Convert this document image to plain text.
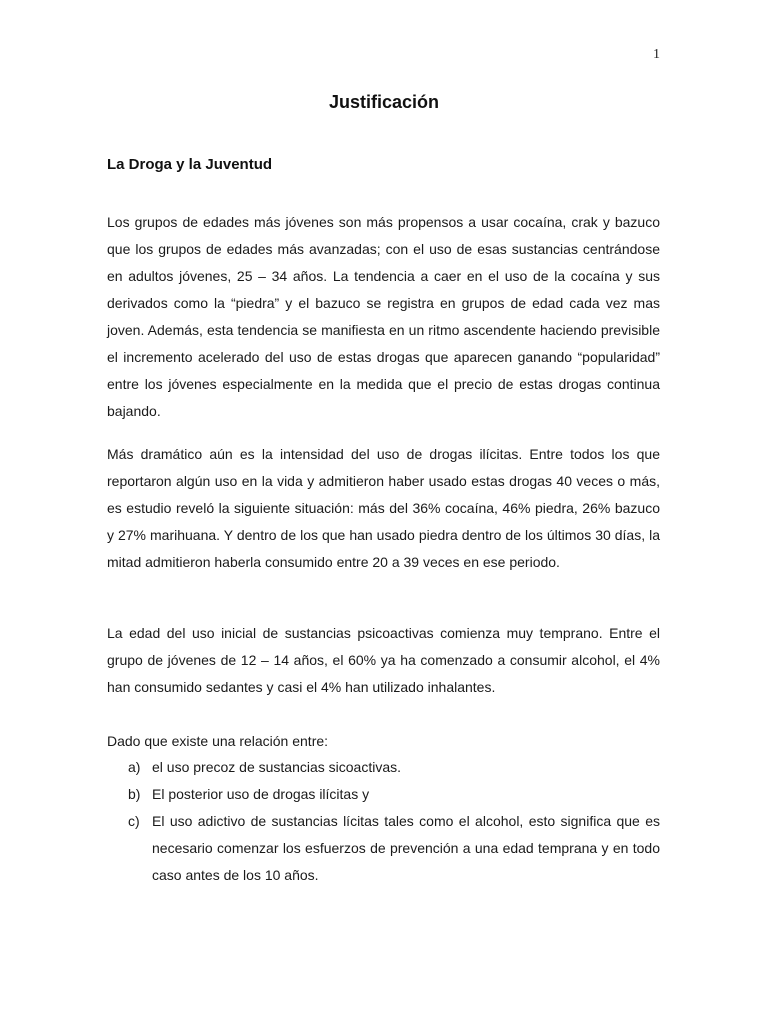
1
Justificación
La Droga y la Juventud

Los grupos de edades más jóvenes son más propensos a usar cocaína, crak y bazuco que los grupos de edades más avanzadas; con el uso de esas sustancias centrándose en adultos jóvenes, 25 – 34 años. La tendencia a caer en el uso de la cocaína y sus derivados como la “piedra” y el bazuco se registra en grupos de edad cada vez mas joven. Además, esta tendencia se manifiesta en un ritmo ascendente haciendo previsible el incremento acelerado del uso de estas drogas que aparecen ganando “popularidad” entre los jóvenes especialmente en la medida que el precio de estas drogas continua bajando.

Más dramático aún es la intensidad del uso de drogas ilícitas. Entre todos los que reportaron algún uso en la vida y admitieron haber usado estas drogas 40 veces o más, es estudio reveló la siguiente situación: más del 36% cocaína, 46% piedra, 26% bazuco y 27% marihuana. Y dentro de los que han usado piedra dentro de los últimos 30 días, la mitad admitieron haberla consumido entre 20 a 39 veces en ese periodo.

La edad del uso inicial de sustancias psicoactivas comienza muy temprano. Entre el grupo de jóvenes de 12 – 14 años, el 60% ya ha comenzado a consumir alcohol, el 4% han consumido sedantes y casi el 4% han utilizado inhalantes.

Dado que existe una relación entre:

a) el uso precoz de sustancias sicoactivas.
b) El posterior uso de drogas ilícitas y
c) El uso adictivo de sustancias lícitas tales como el alcohol, esto significa que es necesario comenzar los esfuerzos de prevención a una edad temprana y en todo caso antes de los 10 años.
